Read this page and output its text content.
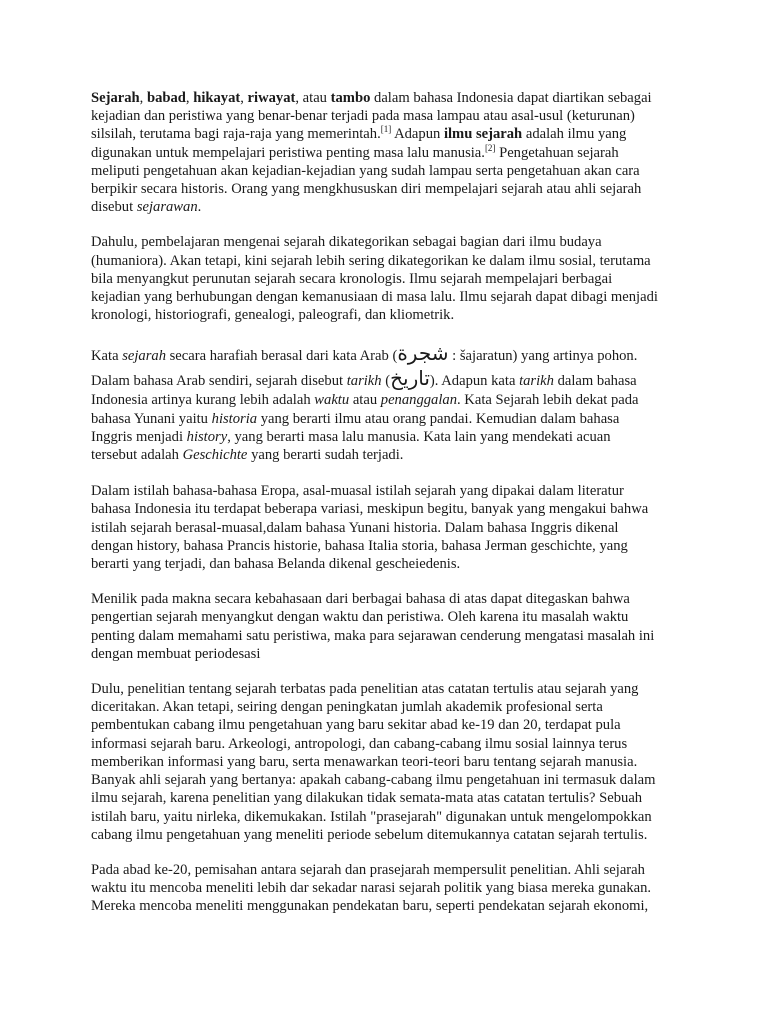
Sejarah, babad, hikayat, riwayat, atau tambo dalam bahasa Indonesia dapat diartikan sebagai
kejadian dan peristiwa yang benar-benar terjadi pada masa lampau atau asal-usul (keturunan)
silsilah, terutama bagi raja-raja yang memerintah.[1] Adapun ilmu sejarah adalah ilmu yang
digunakan untuk mempelajari peristiwa penting masa lalu manusia.[2] Pengetahuan sejarah
meliputi pengetahuan akan kejadian-kejadian yang sudah lampau serta pengetahuan akan cara
berpikir secara historis. Orang yang mengkhususkan diri mempelajari sejarah atau ahli sejarah
disebut sejarawan.

Dahulu, pembelajaran mengenai sejarah dikategorikan sebagai bagian dari ilmu budaya
(humaniora). Akan tetapi, kini sejarah lebih sering dikategorikan ke dalam ilmu sosial, terutama
bila menyangkut perunutan sejarah secara kronologis. Ilmu sejarah mempelajari berbagai
kejadian yang berhubungan dengan kemanusiaan di masa lalu. Ilmu sejarah dapat dibagi menjadi
kronologi, historiografi, genealogi, paleografi, dan kliometrik.

Kata sejarah secara harafiah berasal dari kata Arab (شجرة : šajaratun) yang artinya pohon.
Dalam bahasa Arab sendiri, sejarah disebut tarikh (تاريخ). Adapun kata tarikh dalam bahasa
Indonesia artinya kurang lebih adalah waktu atau penanggalan. Kata Sejarah lebih dekat pada
bahasa Yunani yaitu historia yang berarti ilmu atau orang pandai. Kemudian dalam bahasa
Inggris menjadi history, yang berarti masa lalu manusia. Kata lain yang mendekati acuan
tersebut adalah Geschichte yang berarti sudah terjadi.

Dalam istilah bahasa-bahasa Eropa, asal-muasal istilah sejarah yang dipakai dalam literatur
bahasa Indonesia itu terdapat beberapa variasi, meskipun begitu, banyak yang mengakui bahwa
istilah sejarah berasal-muasal,dalam bahasa Yunani historia. Dalam bahasa Inggris dikenal
dengan history, bahasa Prancis historie, bahasa Italia storia, bahasa Jerman geschichte, yang
berarti yang terjadi, dan bahasa Belanda dikenal gescheiedenis.

Menilik pada makna secara kebahasaan dari berbagai bahasa di atas dapat ditegaskan bahwa
pengertian sejarah menyangkut dengan waktu dan peristiwa. Oleh karena itu masalah waktu
penting dalam memahami satu peristiwa, maka para sejarawan cenderung mengatasi masalah ini
dengan membuat periodesasi

Dulu, penelitian tentang sejarah terbatas pada penelitian atas catatan tertulis atau sejarah yang
diceritakan. Akan tetapi, seiring dengan peningkatan jumlah akademik profesional serta
pembentukan cabang ilmu pengetahuan yang baru sekitar abad ke-19 dan 20, terdapat pula
informasi sejarah baru. Arkeologi, antropologi, dan cabang-cabang ilmu sosial lainnya terus
memberikan informasi yang baru, serta menawarkan teori-teori baru tentang sejarah manusia.
Banyak ahli sejarah yang bertanya: apakah cabang-cabang ilmu pengetahuan ini termasuk dalam
ilmu sejarah, karena penelitian yang dilakukan tidak semata-mata atas catatan tertulis? Sebuah
istilah baru, yaitu nirleka, dikemukakan. Istilah "prasejarah" digunakan untuk mengelompokkan
cabang ilmu pengetahuan yang meneliti periode sebelum ditemukannya catatan sejarah tertulis.

Pada abad ke-20, pemisahan antara sejarah dan prasejarah mempersulit penelitian. Ahli sejarah
waktu itu mencoba meneliti lebih dar sekadar narasi sejarah politik yang biasa mereka gunakan.
Mereka mencoba meneliti menggunakan pendekatan baru, seperti pendekatan sejarah ekonomi,
